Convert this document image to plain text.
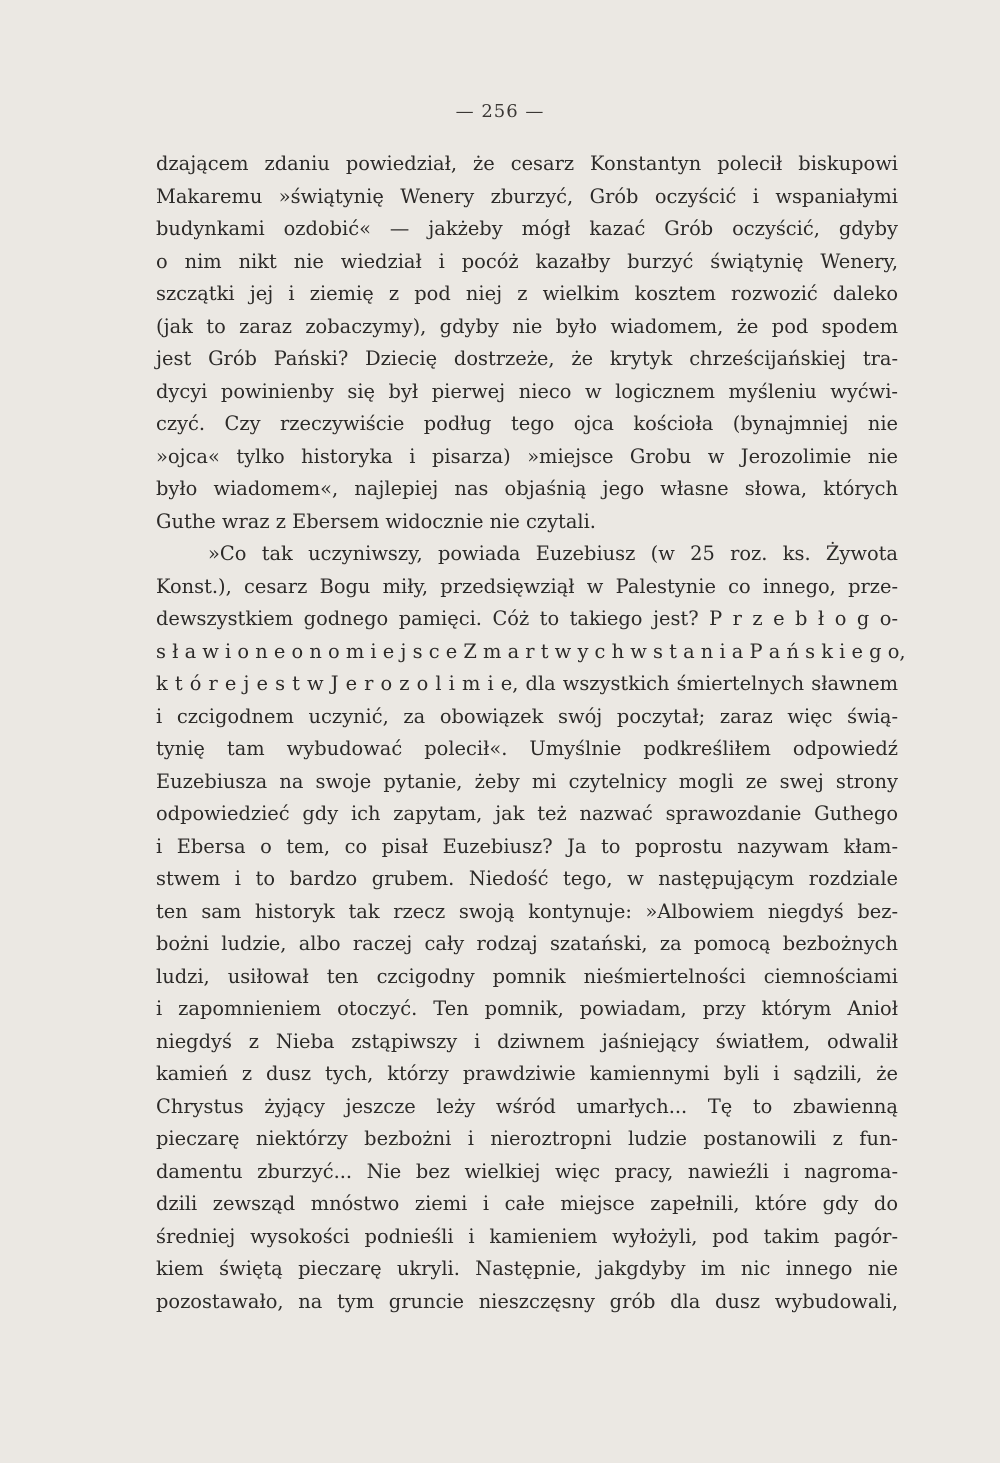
— 256 —
dzającem zdaniu powiedział, że cesarz Konstantyn polecił biskupowi
Makaremu »świątynię Wenery zburzyć, Grób oczyścić i wspaniałymi
budynkami ozdobić« — jakżeby mógł kazać Grób oczyścić, gdyby
o nim nikt nie wiedział i pocóż kazałby burzyć świątynię Wenery,
szczątki jej i ziemię z pod niej z wielkim kosztem rozwozić daleko
(jak to zaraz zobaczymy), gdyby nie było wiadomem, że pod spodem
jest Grób Pański? Dziecię dostrzeże, że krytyk chrześcijańskiej tra-
dycyi powinienby się był pierwej nieco w logicznem myśleniu wyćwi-
czyć. Czy rzeczywiście podług tego ojca kościoła (bynajmniej nie
»ojca« tylko historyka i pisarza) »miejsce Grobu w Jerozolimie nie
było wiadomem«, najlepiej nas objaśnią jego własne słowa, których
Guthe wraz z Ebersem widocznie nie czytali.
»Co tak uczyniwszy, powiada Euzebiusz (w 25 roz. ks. Żywota
Konst.), cesarz Bogu miły, przedsięwziął w Palestynie co innego, prze-
dewszystkiem godnego pamięci. Cóż to takiego jest? P r z e b ł o g o-
s ł a w i o n e o n o m i e j s c e Z m a r t w y c h w s t a n i a P a ń s k i e g o,
k t ó r e j e s t w J e r o z o l i m i e, dla wszystkich śmiertelnych sławnem
i czcigodnem uczynić, za obowiązek swój poczytał; zaraz więc świą-
tynię tam wybudować polecił«. Umyślnie podkreśliłem odpowiedź
Euzebiusza na swoje pytanie, żeby mi czytelnicy mogli ze swej strony
odpowiedzieć gdy ich zapytam, jak też nazwać sprawozdanie Guthego
i Ebersa o tem, co pisał Euzebiusz? Ja to poprostu nazywam kłam-
stwem i to bardzo grubem. Niedość tego, w następującym rozdziale
ten sam historyk tak rzecz swoją kontynuje: »Albowiem niegdyś bez-
bożni ludzie, albo raczej cały rodzaj szatański, za pomocą bezbożnych
ludzi, usiłował ten czcigodny pomnik nieśmiertelności ciemnościami
i zapomnieniem otoczyć. Ten pomnik, powiadam, przy którym Anioł
niegdyś z Nieba zstąpiwszy i dziwnem jaśniejący światłem, odwalił
kamień z dusz tych, którzy prawdziwie kamiennymi byli i sądzili, że
Chrystus żyjący jeszcze leży wśród umarłych... Tę to zbawienną
pieczarę niektórzy bezbożni i nieroztropni ludzie postanowili z fun-
damentu zburzyć... Nie bez wielkiej więc pracy, nawieźli i nagroma-
dzili zewsząd mnóstwo ziemi i całe miejsce zapełnili, które gdy do
średniej wysokości podnieśli i kamieniem wyłożyli, pod takim pagór-
kiem świętą pieczarę ukryli. Następnie, jakgdyby im nic innego nie
pozostawało, na tym gruncie nieszczęsny grób dla dusz wybudowali,
